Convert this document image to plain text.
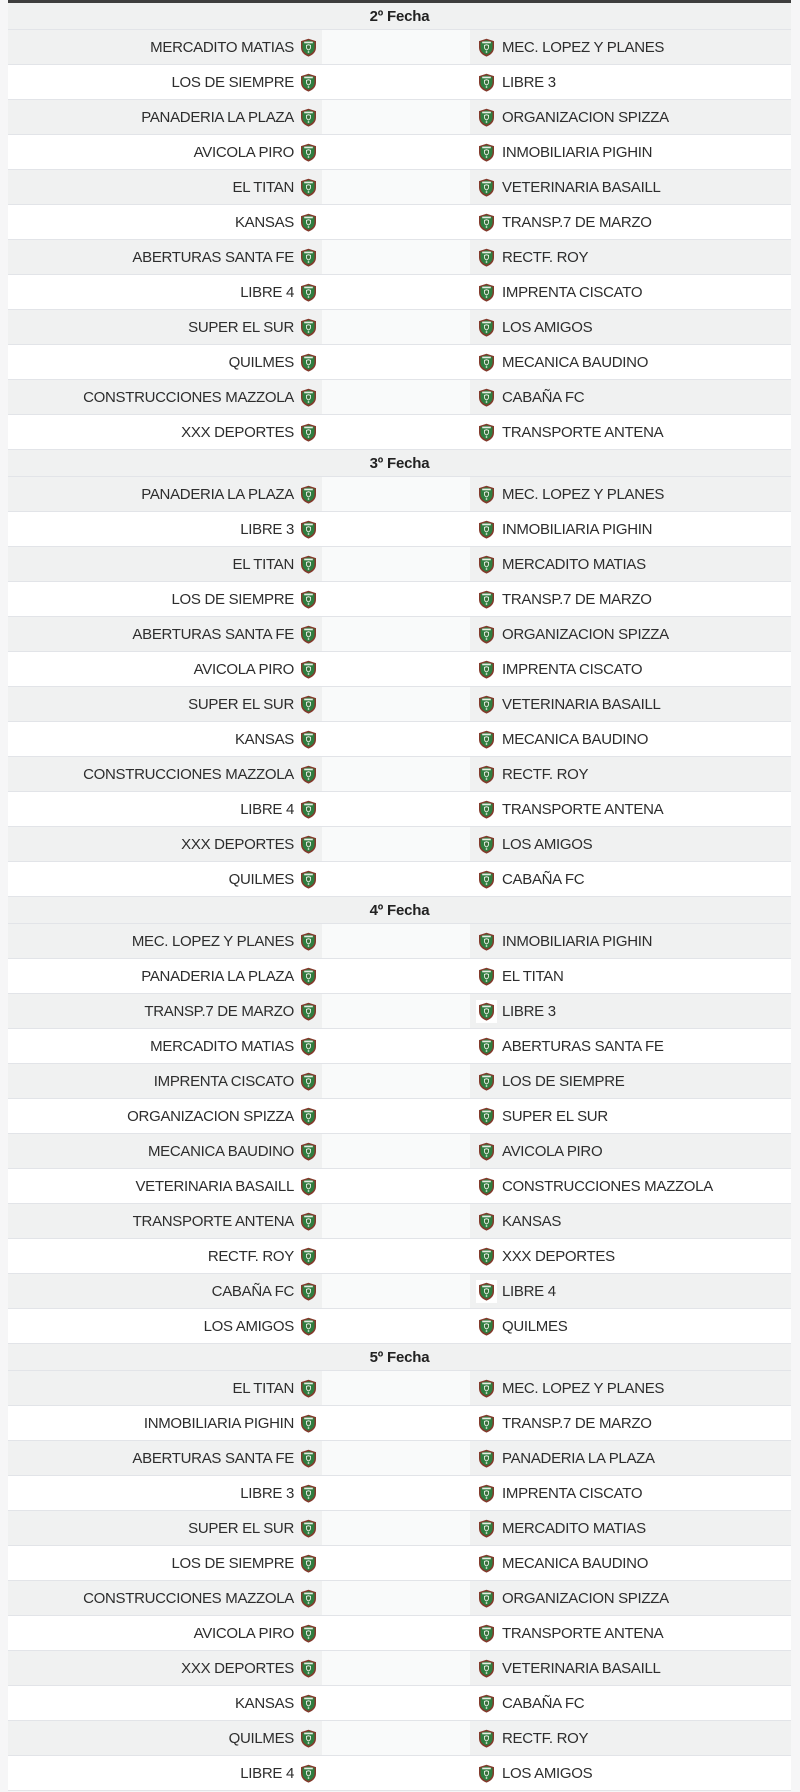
2º Fecha
MERCADITO MATIAS	MEC. LOPEZ Y PLANES
LOS DE SIEMPRE	LIBRE 3
PANADERIA LA PLAZA	ORGANIZACION SPIZZA
AVICOLA PIRO	INMOBILIARIA PIGHIN
EL TITAN	VETERINARIA BASAILL
KANSAS	TRANSP.7 DE MARZO
ABERTURAS SANTA FE	RECTF. ROY
LIBRE 4	IMPRENTA CISCATO
SUPER EL SUR	LOS AMIGOS
QUILMES	MECANICA BAUDINO
CONSTRUCCIONES MAZZOLA	CABAÑA FC
XXX DEPORTES	TRANSPORTE ANTENA
3º Fecha
PANADERIA LA PLAZA	MEC. LOPEZ Y PLANES
LIBRE 3	INMOBILIARIA PIGHIN
EL TITAN	MERCADITO MATIAS
LOS DE SIEMPRE	TRANSP.7 DE MARZO
ABERTURAS SANTA FE	ORGANIZACION SPIZZA
AVICOLA PIRO	IMPRENTA CISCATO
SUPER EL SUR	VETERINARIA BASAILL
KANSAS	MECANICA BAUDINO
CONSTRUCCIONES MAZZOLA	RECTF. ROY
LIBRE 4	TRANSPORTE ANTENA
XXX DEPORTES	LOS AMIGOS
QUILMES	CABAÑA FC
4º Fecha
MEC. LOPEZ Y PLANES	INMOBILIARIA PIGHIN
PANADERIA LA PLAZA	EL TITAN
TRANSP.7 DE MARZO	LIBRE 3
MERCADITO MATIAS	ABERTURAS SANTA FE
IMPRENTA CISCATO	LOS DE SIEMPRE
ORGANIZACION SPIZZA	SUPER EL SUR
MECANICA BAUDINO	AVICOLA PIRO
VETERINARIA BASAILL	CONSTRUCCIONES MAZZOLA
TRANSPORTE ANTENA	KANSAS
RECTF. ROY	XXX DEPORTES
CABAÑA FC	LIBRE 4
LOS AMIGOS	QUILMES
5º Fecha
EL TITAN	MEC. LOPEZ Y PLANES
INMOBILIARIA PIGHIN	TRANSP.7 DE MARZO
ABERTURAS SANTA FE	PANADERIA LA PLAZA
LIBRE 3	IMPRENTA CISCATO
SUPER EL SUR	MERCADITO MATIAS
LOS DE SIEMPRE	MECANICA BAUDINO
CONSTRUCCIONES MAZZOLA	ORGANIZACION SPIZZA
AVICOLA PIRO	TRANSPORTE ANTENA
XXX DEPORTES	VETERINARIA BASAILL
KANSAS	CABAÑA FC
QUILMES	RECTF. ROY
LIBRE 4	LOS AMIGOS
